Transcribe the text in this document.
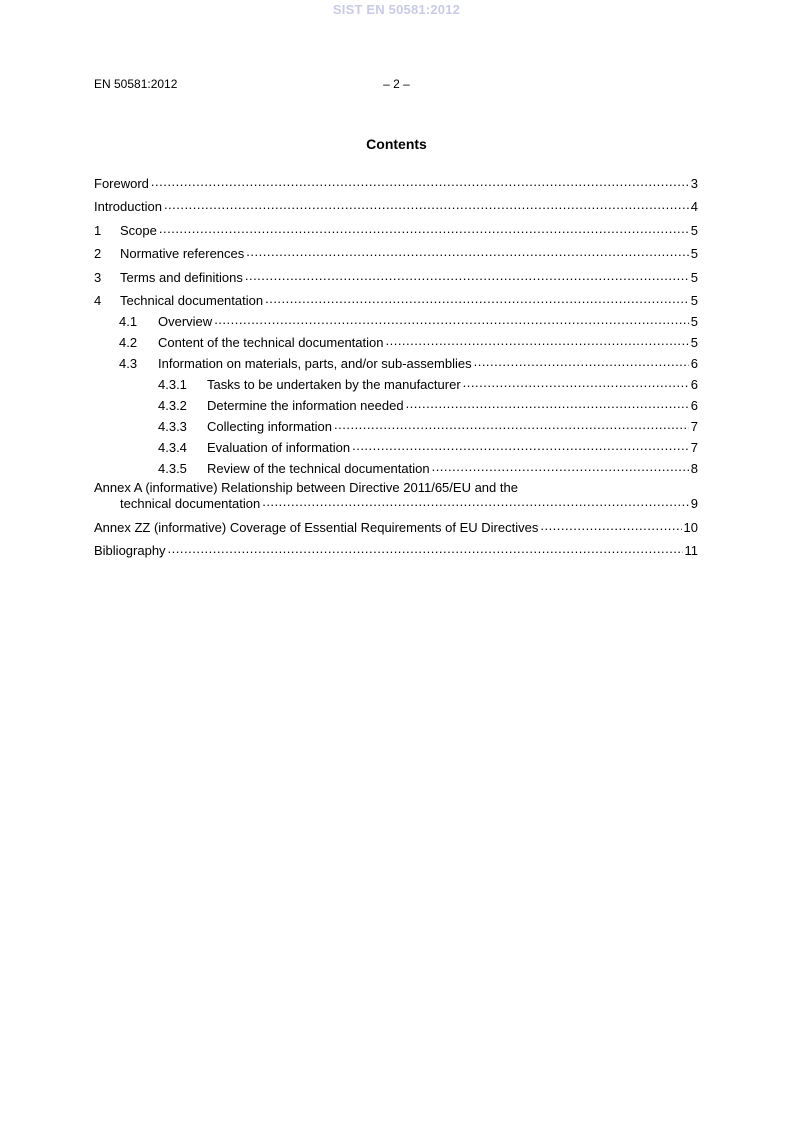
SIST EN 50581:2012
EN 50581:2012	– 2 –
Contents
Foreword .....	3
Introduction .....	4
1	Scope .....	5
2	Normative references .....	5
3	Terms and definitions .....	5
4	Technical documentation .....	5
4.1	Overview .....	5
4.2	Content of the technical documentation .....	5
4.3	Information on materials, parts, and/or sub-assemblies .....	6
4.3.1	Tasks to be undertaken by the manufacturer .....	6
4.3.2	Determine the information needed .....	6
4.3.3	Collecting information .....	7
4.3.4	Evaluation of information .....	7
4.3.5	Review of the technical documentation .....	8
Annex A (informative) Relationship between Directive 2011/65/EU and the
technical documentation .....	9
Annex ZZ (informative) Coverage of Essential Requirements of EU Directives .....	10
Bibliography .....	11
